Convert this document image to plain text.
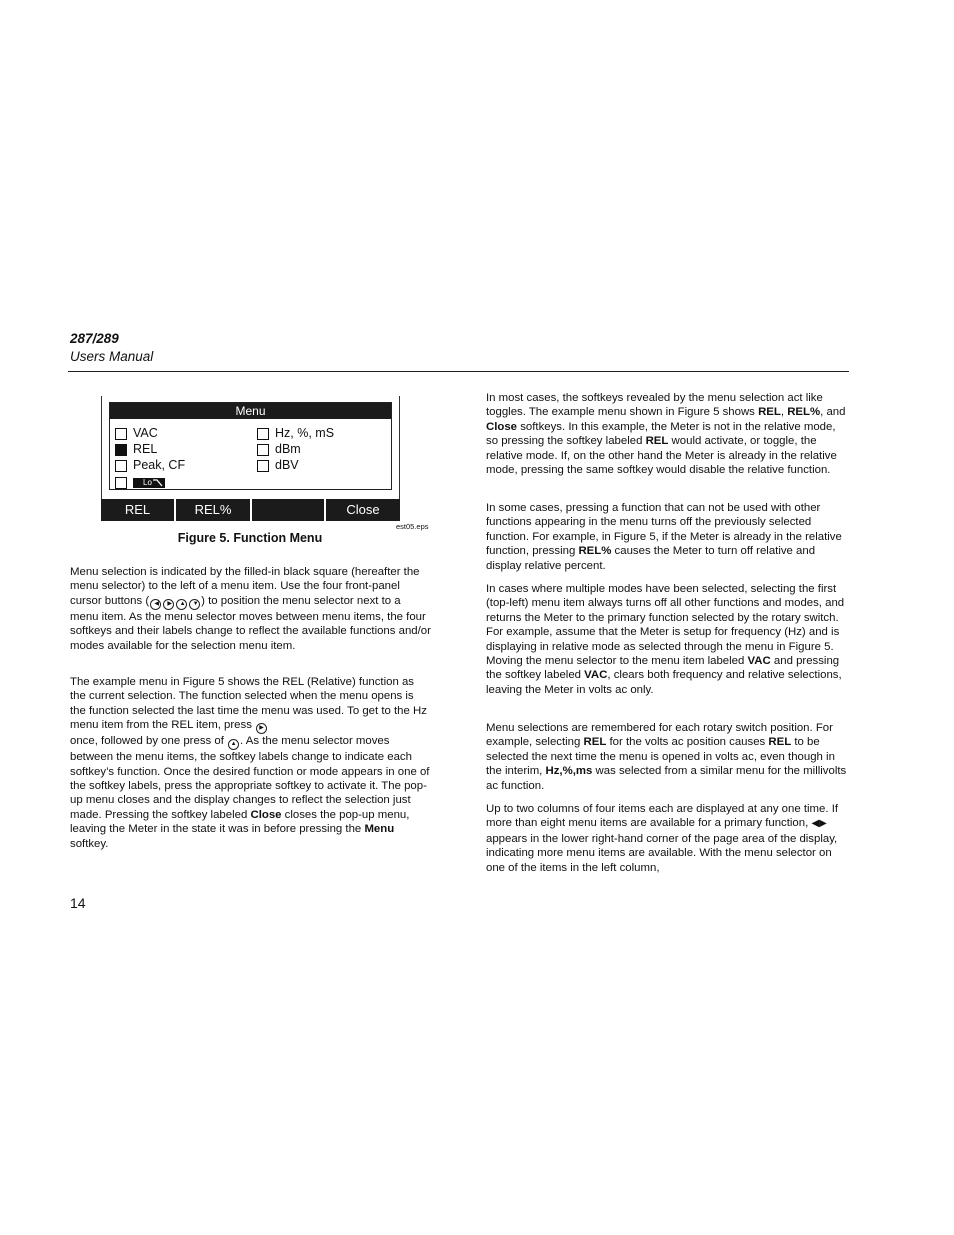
287/289
Users Manual
Menu
VAC
REL
Peak, CF
Lo
Hz, %, mS
dBm
dBV
REL	REL%	Close
est05.eps
Figure 5. Function Menu

Menu selection is indicated by the filled-in black square (hereafter the menu selector) to the left of a menu item. Use the four front-panel cursor buttons ( ◀ ▶ ▲ ▼ ) to position the menu selector next to a menu item. As the menu selector moves between menu items, the four softkeys and their labels change to reflect the available functions and/or modes available for the selection menu item.

The example menu in Figure 5 shows the REL (Relative) function as the current selection. The function selected when the menu opens is the function selected the last time the menu was used. To get to the Hz menu item from the REL item, press ▶
once, followed by one press of ▲ . As the menu selector moves between the menu items, the softkey labels change to indicate each softkey’s function. Once the desired function or mode appears in one of the softkey labels, press the appropriate softkey to activate it. The pop-up menu closes and the display changes to reflect the selection just made. Pressing the softkey labeled Close closes the pop-up menu, leaving the Meter in the state it was in before pressing the Menu softkey.

In most cases, the softkeys revealed by the menu selection act like toggles. The example menu shown in Figure 5 shows REL, REL%, and Close softkeys. In this example, the Meter is not in the relative mode, so pressing the softkey labeled REL would activate, or toggle, the relative mode. If, on the other hand the Meter is already in the relative mode, pressing the same softkey would disable the relative function.

In some cases, pressing a function that can not be used with other functions appearing in the menu turns off the previously selected function. For example, in Figure 5, if the Meter is already in the relative function, pressing REL% causes the Meter to turn off relative and display relative percent.

In cases where multiple modes have been selected, selecting the first (top-left) menu item always turns off all other functions and modes, and returns the Meter to the primary function selected by the rotary switch. For example, assume that the Meter is setup for frequency (Hz) and is displaying in relative mode as selected through the menu in Figure 5. Moving the menu selector to the menu item labeled VAC and pressing the softkey labeled VAC, clears both frequency and relative selections, leaving the Meter in volts ac only.

Menu selections are remembered for each rotary switch position. For example, selecting REL for the volts ac position causes REL to be selected the next time the menu is opened in volts ac, even though in the interim, Hz,%,ms was selected from a similar menu for the millivolts ac function.

Up to two columns of four items each are displayed at any one time. If more than eight menu items are available for a primary function, ◀▶ appears in the lower right-hand corner of the page area of the display, indicating more menu items are available. With the menu selector on one of the items in the left column,

14
